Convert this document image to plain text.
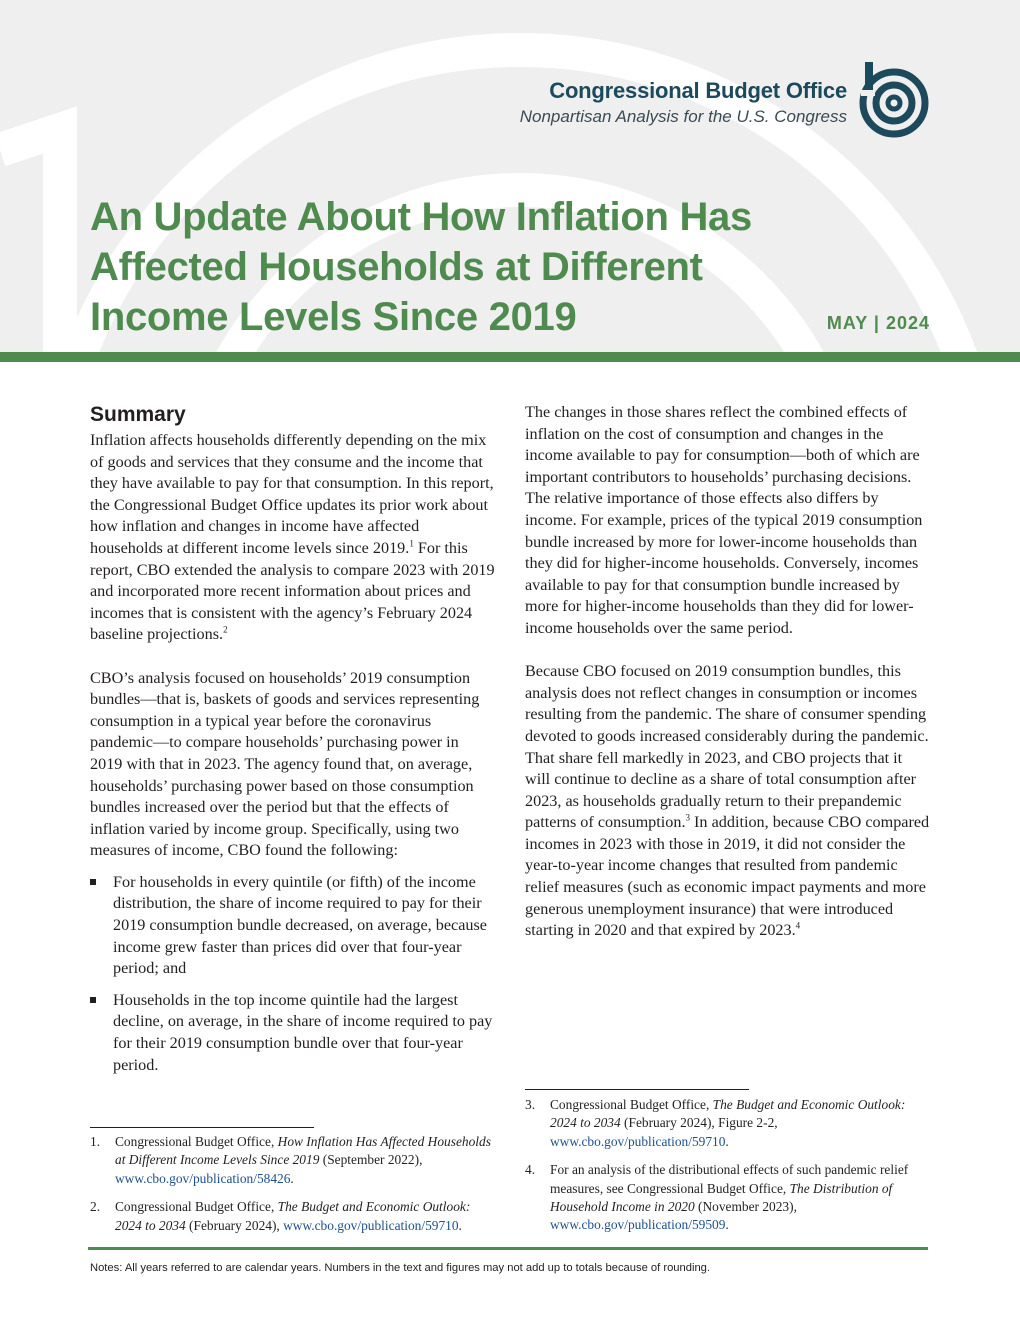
Congressional Budget Office
Nonpartisan Analysis for the U.S. Congress
An Update About How Inflation Has Affected Households at Different Income Levels Since 2019	MAY | 2024
Summary

Inflation affects households differently depending on the mix of goods and services that they consume and the income that they have available to pay for that consumption. In this report, the Congressional Budget Office updates its prior work about how inflation and changes in income have affected households at different income levels since 2019.$^1$ For this report, CBO extended the analysis to compare 2023 with 2019 and incorporated more recent information about prices and incomes that is consistent with the agency’s February 2024 baseline projections.$^2$

CBO’s analysis focused on households’ 2019 consumption bundles—that is, baskets of goods and services representing consumption in a typical year before the coronavirus pandemic—to compare households’ purchasing power in 2019 with that in 2023. The agency found that, on average, households’ purchasing power based on those consumption bundles increased over the period but that the effects of inflation varied by income group. Specifically, using two measures of income, CBO found the following:

For households in every quintile (or fifth) of the income distribution, the share of income required to pay for their 2019 consumption bundle decreased, on average, because income grew faster than prices did over that four-year period; and
Households in the top income quintile had the largest decline, on average, in the share of income required to pay for their 2019 consumption bundle over that four-year period.

The changes in those shares reflect the combined effects of inflation on the cost of consumption and changes in the income available to pay for consumption—both of which are important contributors to households’ purchasing decisions. The relative importance of those effects also differs by income. For example, prices of the typical 2019 consumption bundle increased by more for lower-income households than they did for higher-income households. Conversely, incomes available to pay for that consumption bundle increased by more for higher-income households than they did for lower-income households over the same period.

Because CBO focused on 2019 consumption bundles, this analysis does not reflect changes in consumption or incomes resulting from the pandemic. The share of consumer spending devoted to goods increased considerably during the pandemic. That share fell markedly in 2023, and CBO projects that it will continue to decline as a share of total consumption after 2023, as households gradually return to their prepandemic patterns of consumption.$^3$ In addition, because CBO compared incomes in 2023 with those in 2019, it did not consider the year-to-year income changes that resulted from pandemic relief measures (such as economic impact payments and more generous unemployment insurance) that were introduced starting in 2020 and that expired by 2023.$^4$

1. Congressional Budget Office, How Inflation Has Affected Households at Different Income Levels Since 2019 (September 2022), www.cbo.gov/publication/58426.
2. Congressional Budget Office, The Budget and Economic Outlook: 2024 to 2034 (February 2024), www.cbo.gov/publication/59710.
3. Congressional Budget Office, The Budget and Economic Outlook: 2024 to 2034 (February 2024), Figure 2-2, www.cbo.gov/publication/59710.
4. For an analysis of the distributional effects of such pandemic relief measures, see Congressional Budget Office, The Distribution of Household Income in 2020 (November 2023), www.cbo.gov/publication/59509.
Notes: All years referred to are calendar years. Numbers in the text and figures may not add up to totals because of rounding.
